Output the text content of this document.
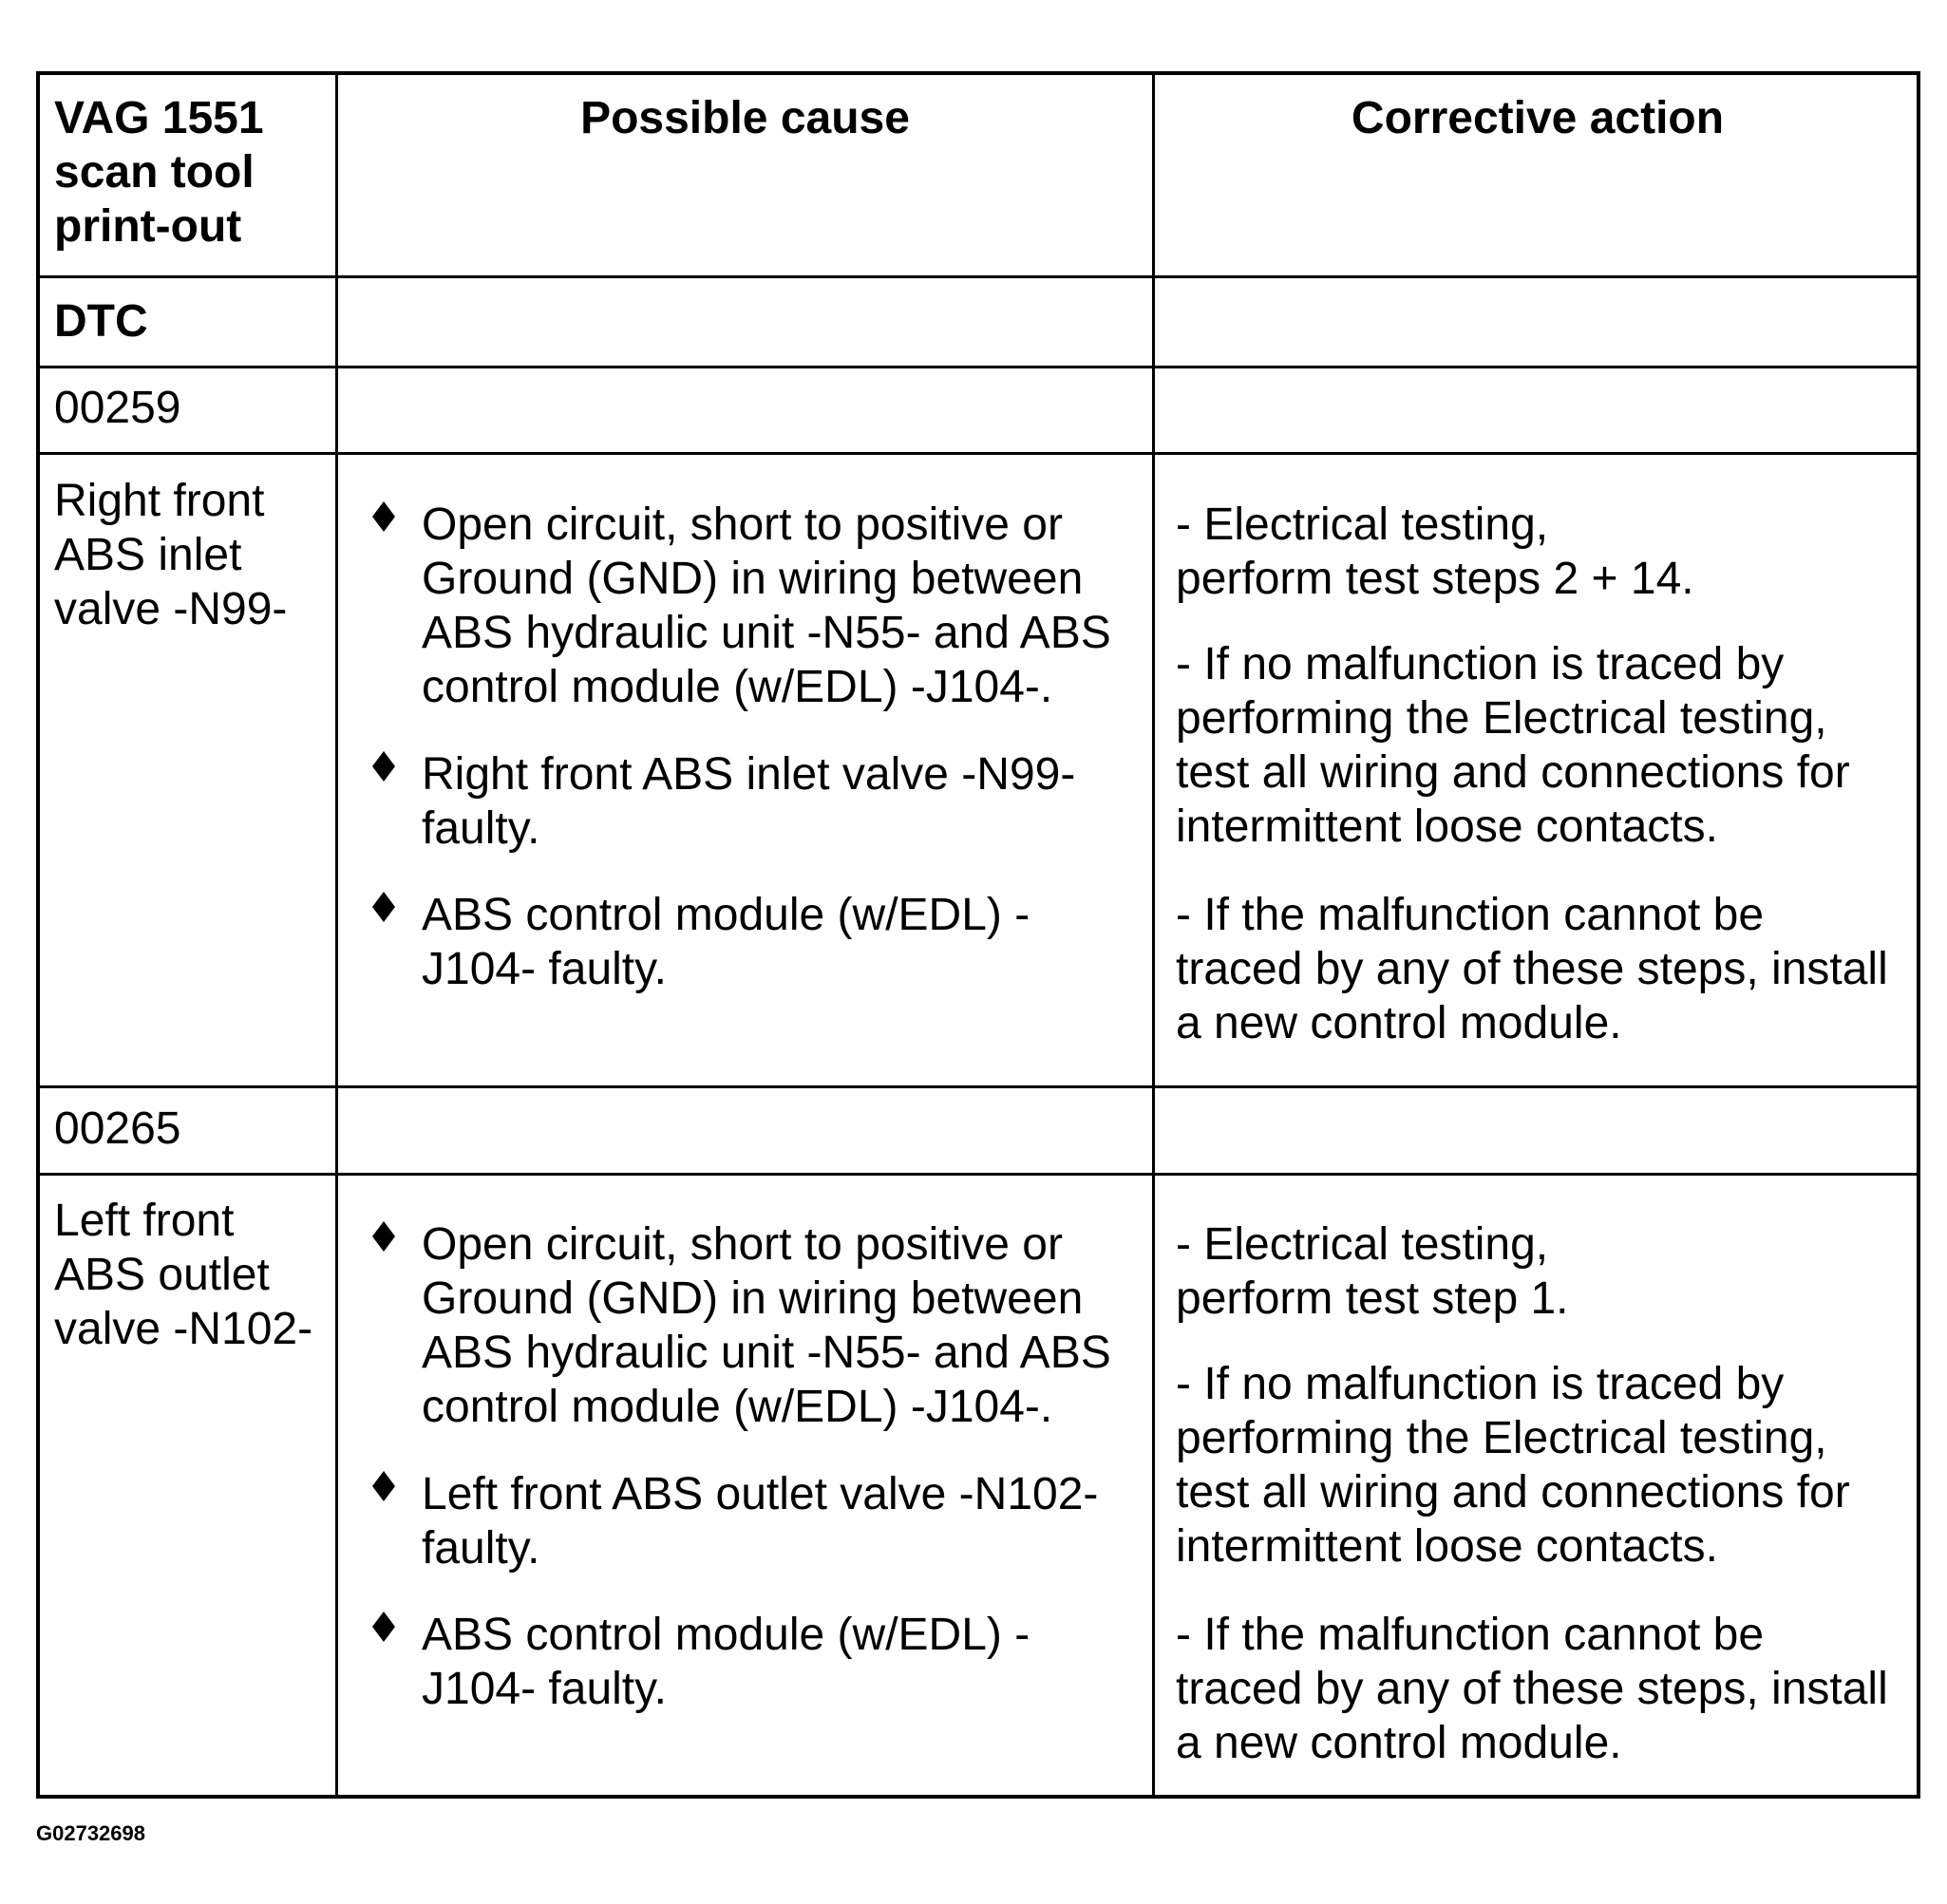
VAG 1551
scan tool
print-out
Possible cause	Corrective action
DTC
00259
Right front
ABS inlet
valve -N99-
Open circuit, short to positive or
Ground (GND) in wiring between
ABS hydraulic unit -N55- and ABS
control module (w/EDL) -J104-.
Right front ABS inlet valve -N99-
faulty.
ABS control module (w/EDL) -
J104- faulty.
- Electrical testing,
perform test steps 2 + 14.
- If no malfunction is traced by
performing the Electrical testing,
test all wiring and connections for
intermittent loose contacts.
- If the malfunction cannot be
traced by any of these steps, install
a new control module.
00265
Left front
ABS outlet
valve -N102-
Open circuit, short to positive or
Ground (GND) in wiring between
ABS hydraulic unit -N55- and ABS
control module (w/EDL) -J104-.
Left front ABS outlet valve -N102-
faulty.
ABS control module (w/EDL) -
J104- faulty.
- Electrical testing,
perform test step 1.
- If no malfunction is traced by
performing the Electrical testing,
test all wiring and connections for
intermittent loose contacts.
- If the malfunction cannot be
traced by any of these steps, install
a new control module.
G02732698
